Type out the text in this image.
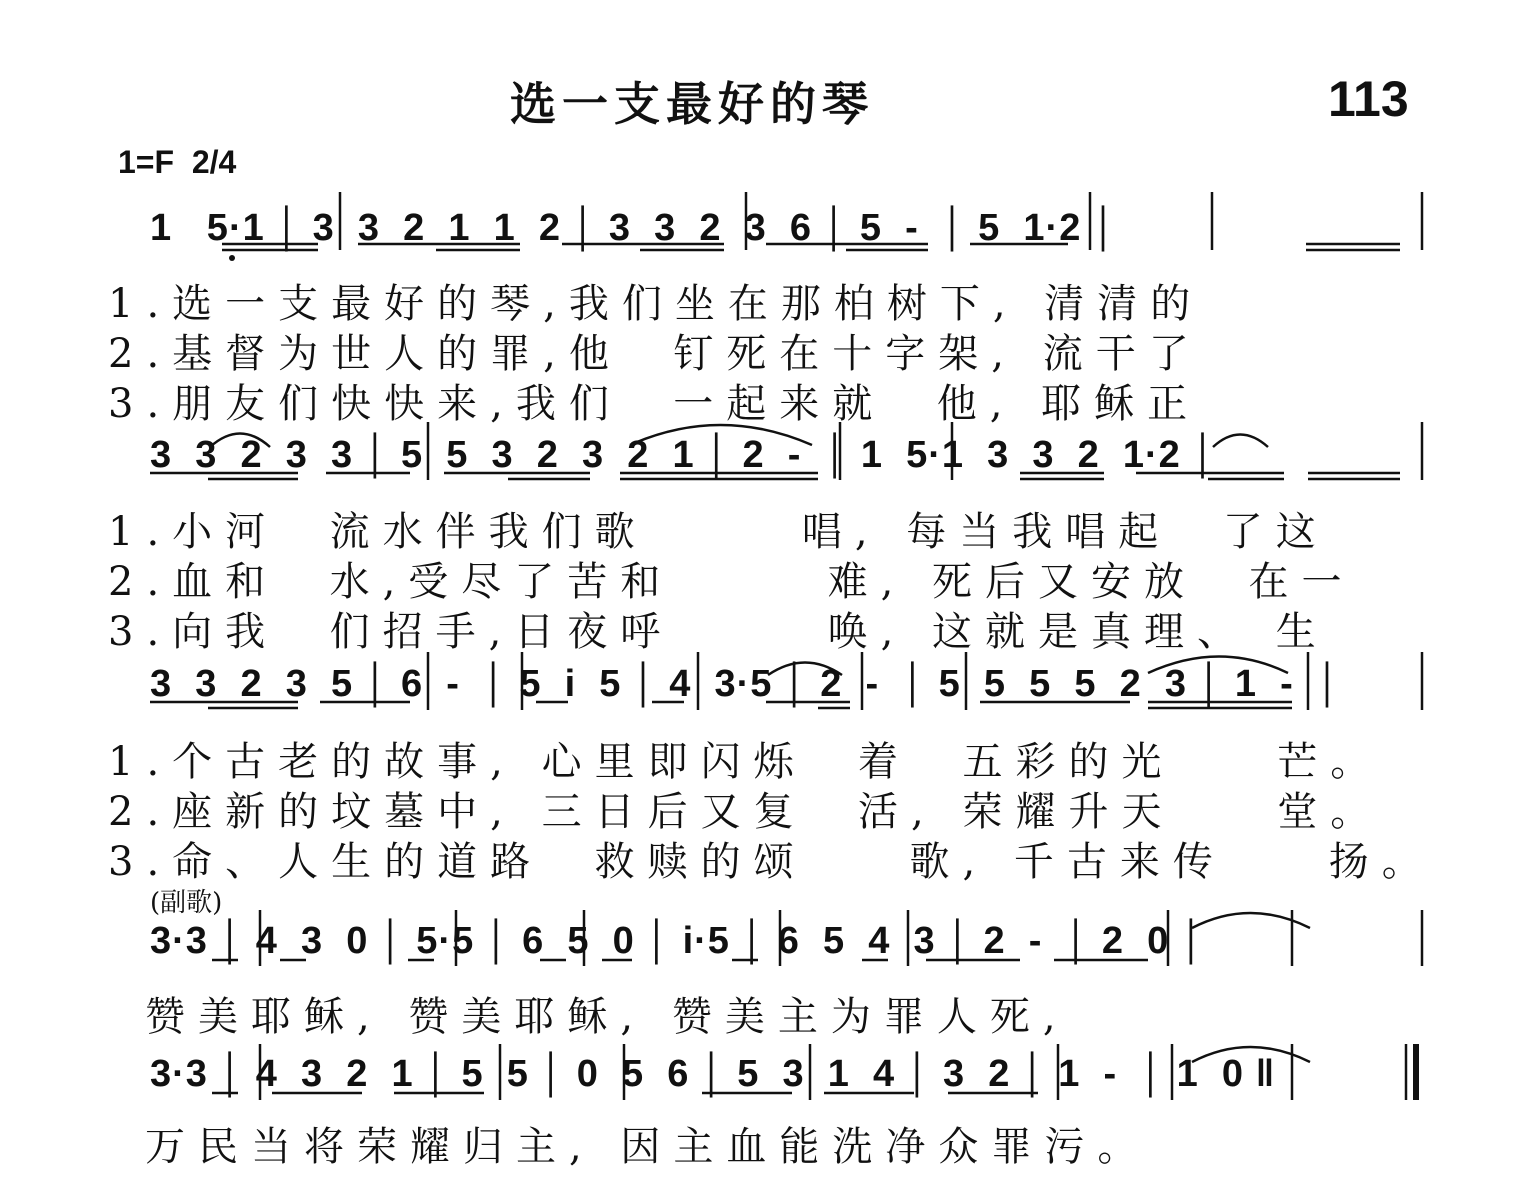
选一支最好的琴	113
1=F  2/4
1   5·1 │ 3  3  2  1  1  2 │ 3  3  2  3  6 │ 5  -  │ 5  1·2 │
3  3  2  3  3 │ 5  5  3  2  3  2  1 │ 2  -  │ 1  5·1  3  3  2  1·2 │
3  3  2  3  5 │ 6  -  │ 5  i  5 │ 4  3·5 │ 2  -  │ 5  5  5  5  2  3 │ 1  -  │
3·3 │ 4  3  0 │ 5·5 │ 6  5  0 │ i·5 │ 6  5  4  3 │ 2  -  │ 2  0 │
3·3 │ 4  3  2  1 │ 5  5 │ 0  5  6 │ 5  3  1  4 │ 3  2 │ 1  -  │ 1  0 ‖
1.选一支最好的琴,我们坐在那柏树下, 清清的
2.基督为世人的罪,他  钉死在十字架, 流干了
3.朋友们快快来,我们  一起来就  他, 耶稣正
1.小河  流水伴我们歌      唱, 每当我唱起  了这
2.血和  水,受尽了苦和      难, 死后又安放  在一
3.向我  们招手,日夜呼      唤, 这就是真理、 生
1.个古老的故事, 心里即闪烁  着  五彩的光    芒。
2.座新的坟墓中, 三日后又复  活, 荣耀升天    堂。
3.命、人生的道路  救赎的颂    歌, 千古来传    扬。
(副歌)
赞美耶稣, 赞美耶稣, 赞美主为罪人死,
万民当将荣耀归主, 因主血能洗净众罪污。
